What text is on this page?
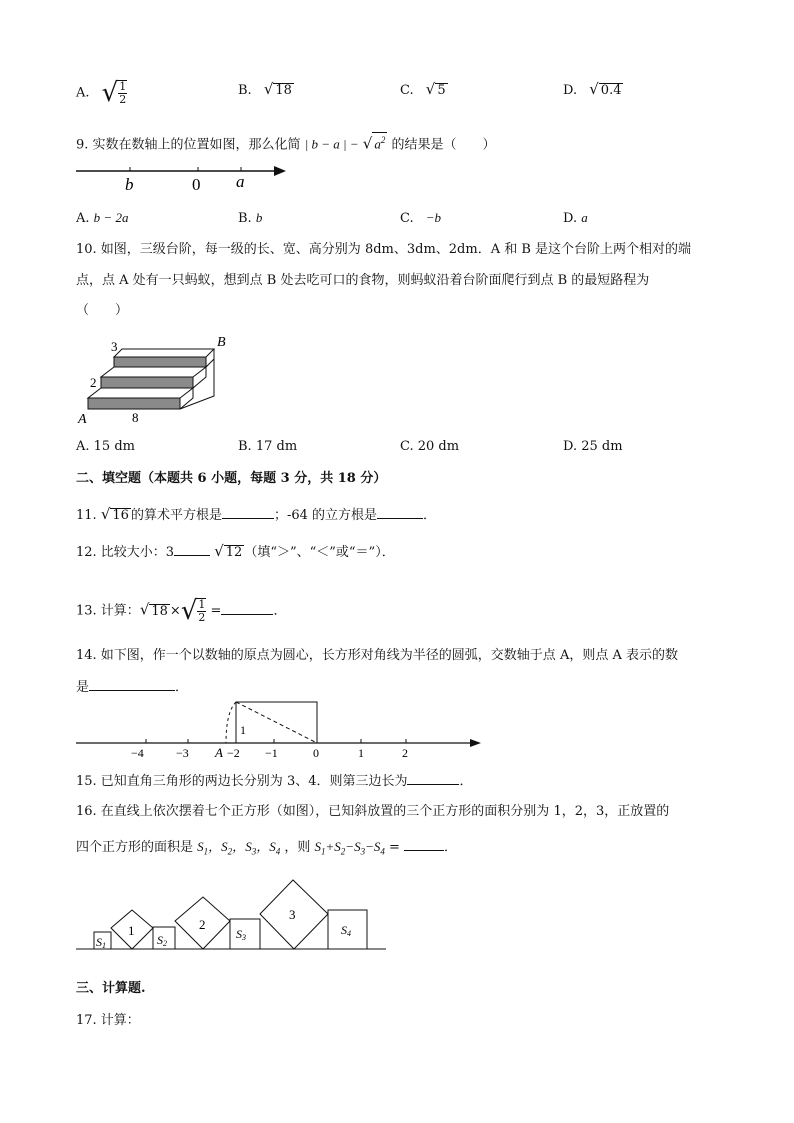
A. √ $\frac{1}{2}$	B. √ 18	C. √ 5	D. √ 0.4
9. 实数在数轴上的位置如图，那么化简 | b − a | − √ $a^2$ 的结果是（　　）
b	0 a
A. b − 2a	B. b	C. −b	D. a
10. 如图，三级台阶，每一级的长、宽、高分别为 8dm、3dm、2dm．A 和 B 是这个台阶上两个相对的端
点，点 A 处有一只蚂蚁，想到点 B 处去吃可口的食物，则蚂蚁沿着台阶面爬行到点 B 的最短路程为
（　　）
3
2
8
A
B
A. 15 dm	B. 17 dm	C. 20 dm	D. 25 dm
二、填空题（本题共 6 小题，每题 3 分，共 18 分）
11. √ 16 的算术平方根是	；-64 的立方根是	．
12. 比较大小：3	√ 12 （填“＞”、“＜”或“＝”）．
13. 计算：√ 18 ×√ $\frac{1}{2}$ =	．
14. 如下图，作一个以数轴的原点为圆心，长方形对角线为半径的圆弧，交数轴于点 A，则点 A 表示的数
是	．
1
A
−4	−3	−2 −1	0	1	2
15. 已知直角三角形的两边长分别为 3、4．则第三边长为	．
16. 在直线上依次摆着七个正方形（如图），已知斜放置的三个正方形的面积分别为 1，2，3，正放置的
四个正方形的面积是 $S_1$，$S_2$，$S_3$，$S_4$ ，则 $S_1+S_2-S_3-S_4$ =	．
1	2
3
S1	S2
S3
S4
三、计算题.
17. 计算：
